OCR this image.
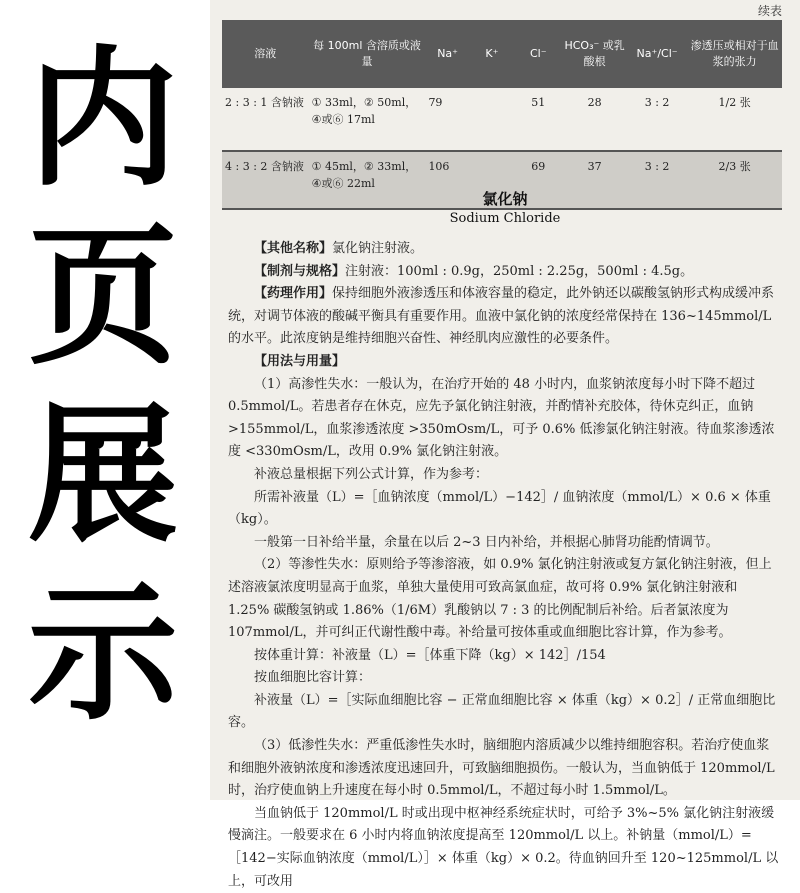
内
页
展
示
续表
溶液	每 100ml 含溶质或液量	Na⁺	K⁺	Cl⁻	HCO₃⁻ 或乳酸根	Na⁺/Cl⁻	渗透压或相对于血浆的张力
2 : 3 : 1 含钠液	① 33ml，② 50ml，④或⑥ 17ml	79		51	28	3 : 2	1/2 张
4 : 3 : 2 含钠液	① 45ml，② 33ml，④或⑥ 22ml	106		69	37	3 : 2	2/3 张
氯化钠
Sodium Chloride

【其他名称】氯化钠注射液。

【制剂与规格】注射液：100ml : 0.9g，250ml : 2.25g，500ml : 4.5g。

【药理作用】保持细胞外液渗透压和体液容量的稳定，此外钠还以碳酸氢钠形式构成缓冲系统，对调节体液的酸碱平衡具有重要作用。血液中氯化钠的浓度经常保持在 136~145mmol/L 的水平。此浓度钠是维持细胞兴奋性、神经肌肉应激性的必要条件。

【用法与用量】

（1）高渗性失水：一般认为，在治疗开始的 48 小时内，血浆钠浓度每小时下降不超过 0.5mmol/L。若患者存在休克，应先予氯化钠注射液，并酌情补充胶体，待休克纠正，血钠 >155mmol/L，血浆渗透浓度 >350mOsm/L，可予 0.6% 低渗氯化钠注射液。待血浆渗透浓度 <330mOsm/L，改用 0.9% 氯化钠注射液。

补液总量根据下列公式计算，作为参考：

所需补液量（L）=［血钠浓度（mmol/L）−142］/ 血钠浓度（mmol/L）× 0.6 × 体重（kg）。

一般第一日补给半量，余量在以后 2~3 日内补给，并根据心肺肾功能酌情调节。

（2）等渗性失水：原则给予等渗溶液，如 0.9% 氯化钠注射液或复方氯化钠注射液，但上述溶液氯浓度明显高于血浆，单独大量使用可致高氯血症，故可将 0.9% 氯化钠注射液和 1.25% 碳酸氢钠或 1.86%（1/6M）乳酸钠以 7 : 3 的比例配制后补给。后者氯浓度为 107mmol/L，并可纠正代谢性酸中毒。补给量可按体重或血细胞比容计算，作为参考。

按体重计算：补液量（L）=［体重下降（kg）× 142］/154

按血细胞比容计算：

补液量（L）=［实际血细胞比容 − 正常血细胞比容 × 体重（kg）× 0.2］/ 正常血细胞比容。

（3）低渗性失水：严重低渗性失水时，脑细胞内溶质减少以维持细胞容积。若治疗使血浆和细胞外液钠浓度和渗透浓度迅速回升，可致脑细胞损伤。一般认为，当血钠低于 120mmol/L 时，治疗使血钠上升速度在每小时 0.5mmol/L，不超过每小时 1.5mmol/L。

当血钠低于 120mmol/L 时或出现中枢神经系统症状时，可给予 3%~5% 氯化钠注射液缓慢滴注。一般要求在 6 小时内将血钠浓度提高至 120mmol/L 以上。补钠量（mmol/L）=［142−实际血钠浓度（mmol/L）］× 体重（kg）× 0.2。待血钠回升至 120~125mmol/L 以上，可改用
